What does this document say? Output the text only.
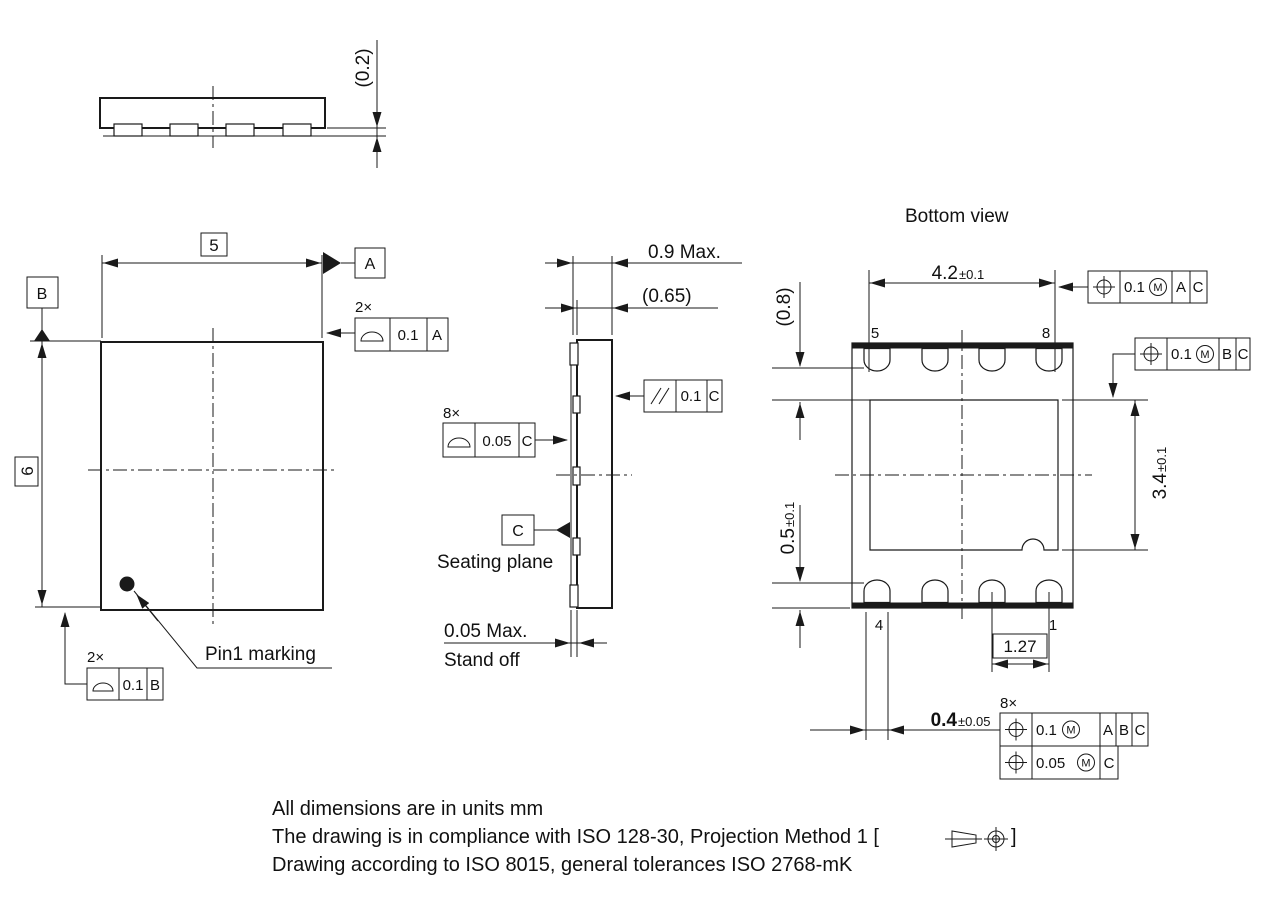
(0.2)
5
A
B
2×
0.1 A
6
2×
0.1 B
Pin1 marking
0.9 Max.
(0.65)
0.1 C
8×
0.05 C
C
Seating plane
0.05 Max.
Stand off
Bottom view
5	8
4	1
4.2 ±0.1
0.1 M A C
0.1 M B C
3.4
±0.1
(0.8)
0.5
±0.1
1.27
0.4 ±0.05
8×
0.1 M A B C
0.05 M C
All dimensions are in units mm
The drawing is in compliance with ISO 128-30, Projection Method 1 [	]
Drawing according to ISO 8015, general tolerances ISO 2768-mK
